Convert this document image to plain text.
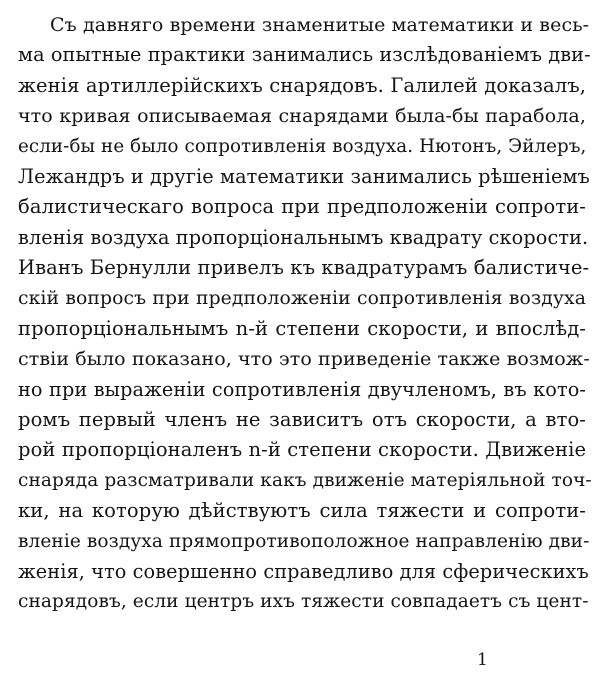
Съ давняго времени знаменитые математики и весь-
ма опытные практики занимались изслѣдованіемъ дви-
женія артиллерійскихъ снарядовъ. Галилей доказалъ,
что кривая описываемая снарядами была-бы парабола,
если-бы не было сопротивленія воздуха. Нютонъ, Эйлеръ,
Лежандръ и другіе математики занимались рѣшеніемъ
балистическаго вопроса при предположеніи сопроти-
вленія воздуха пропорціональнымъ квадрату скорости.
Иванъ Бернулли привелъ къ квадратурамъ балистиче-
скій вопросъ при предположеніи сопротивленія воздуха
пропорціональнымъ n-й степени скорости, и впослѣд-
ствіи было показано, что это приведеніе также возмож-
но при выраженіи сопротивленія двучленомъ, въ кото-
ромъ первый членъ не зависитъ отъ скорости, а вто-
рой пропорціоналенъ n-й степени скорости. Движеніе
снаряда разсматривали какъ движеніе матеріяльной точ-
ки, на которую дѣйствуютъ сила тяжести и сопроти-
вленіе воздуха прямопротивоположное направленію дви-
женія, что совершенно справедливо для сферическихъ
снарядовъ, если центръ ихъ тяжести совпадаетъ съ цент-
1
